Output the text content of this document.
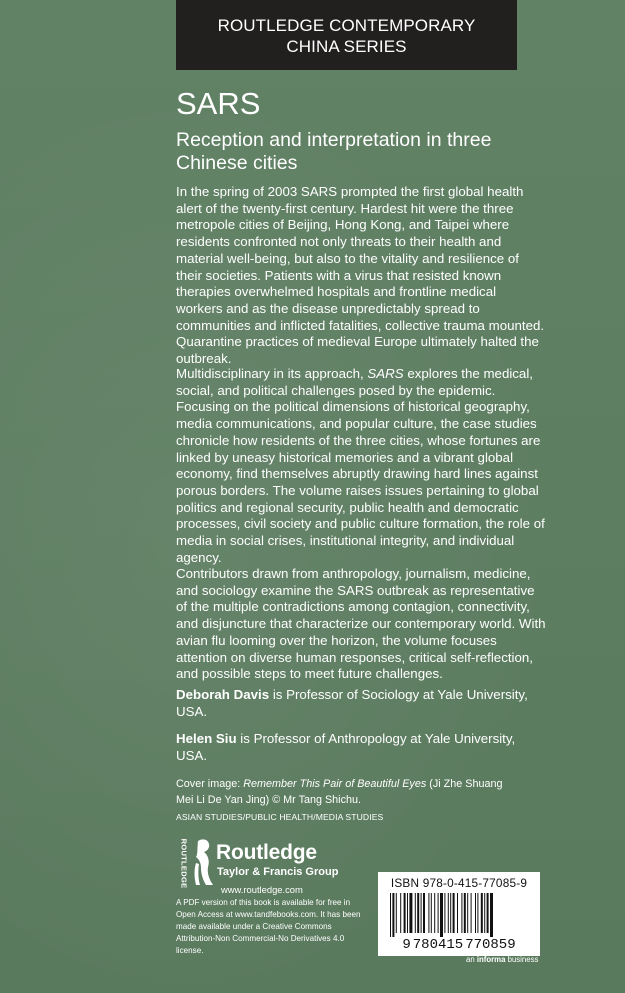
ROUTLEDGE CONTEMPORARY
CHINA SERIES
SARS
Reception and interpretation in three Chinese cities

In the spring of 2003 SARS prompted the first global health alert of the twenty-first century. Hardest hit were the three metropole cities of Beijing, Hong Kong, and Taipei where residents confronted not only threats to their health and material well-being, but also to the vitality and resilience of their societies. Patients with a virus that resisted known therapies overwhelmed hospitals and frontline medical workers and as the disease unpredictably spread to communities and inflicted fatalities, collective trauma mounted. Quarantine practices of medieval Europe ultimately halted the outbreak.

Multidisciplinary in its approach, SARS explores the medical, social, and political challenges posed by the epidemic. Focusing on the political dimensions of historical geography, media communications, and popular culture, the case studies chronicle how residents of the three cities, whose fortunes are linked by uneasy historical memories and a vibrant global economy, find themselves abruptly drawing hard lines against porous borders. The volume raises issues pertaining to global politics and regional security, public health and democratic processes, civil society and public culture formation, the role of media in social crises, institutional integrity, and individual agency.

Contributors drawn from anthropology, journalism, medicine, and sociology examine the SARS outbreak as representative of the multiple contradictions among contagion, connectivity, and disjuncture that characterize our contemporary world. With avian flu looming over the horizon, the volume focuses attention on diverse human responses, critical self-reflection, and possible steps to meet future challenges.

Deborah Davis is Professor of Sociology at Yale University, USA.

Helen Siu is Professor of Anthropology at Yale University, USA.

Cover image: Remember This Pair of Beautiful Eyes (Ji Zhe Shuang Mei Li De Yan Jing) © Mr Tang Shichu.

ASIAN STUDIES/PUBLIC HEALTH/MEDIA STUDIES
ROUTLEDGE Routledge
Taylor & Francis Group
www.routledge.com

A PDF version of this book is available for free in Open Access at www.tandfebooks.com. It has been made available under a Creative Commons Attribution-Non Commercial-No Derivatives 4.0 license.

ISBN 978-0-415-77085-9
9 780415 770859
an informa business
